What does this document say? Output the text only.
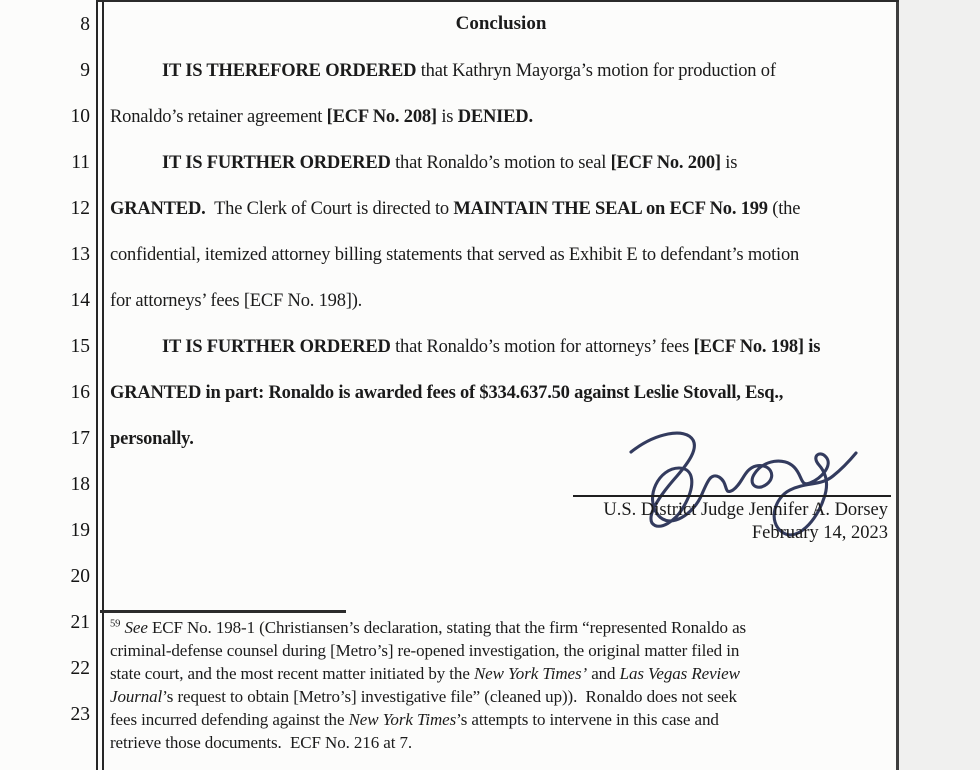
8
9
10
11
12
13
14
15
16
17
18
19
20
21
22
23
Conclusion
IT IS THEREFORE ORDERED that Kathryn Mayorga’s motion for production of
Ronaldo’s retainer agreement [ECF No. 208] is DENIED.
IT IS FURTHER ORDERED that Ronaldo’s motion to seal [ECF No. 200] is
GRANTED.  The Clerk of Court is directed to MAINTAIN THE SEAL on ECF No. 199 (the
confidential, itemized attorney billing statements that served as Exhibit E to defendant’s motion
for attorneys’ fees [ECF No. 198]).
IT IS FURTHER ORDERED that Ronaldo’s motion for attorneys’ fees [ECF No. 198] is
GRANTED in part: Ronaldo is awarded fees of $334.637.50 against Leslie Stovall, Esq.,
personally.
U.S. District Judge Jennifer A. Dorsey
February 14, 2023
$^{59}$ See ECF No. 198-1 (Christiansen’s declaration, stating that the firm “represented Ronaldo as
criminal-defense counsel during [Metro’s] re-opened investigation, the original matter filed in
state court, and the most recent matter initiated by the New York Times’ and Las Vegas Review
Journal’s request to obtain [Metro’s] investigative file” (cleaned up)).  Ronaldo does not seek
fees incurred defending against the New York Times’s attempts to intervene in this case and
retrieve those documents.  ECF No. 216 at 7.
